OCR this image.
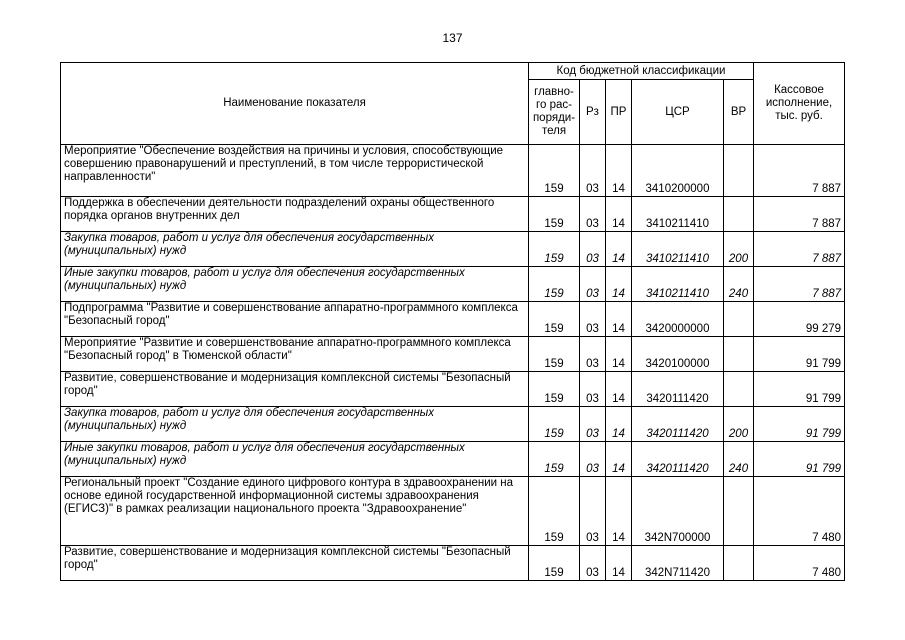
137
Наименование показателя	Код бюджетной классификации					Кассовое исполнение, тыс. руб.
	главно-го рас-поряди-теля	Рз	ПР	ЦСР	ВР	
Мероприятие "Обеспечение воздействия на причины и условия, способствующие совершению правонарушений и преступлений, в том числе террористической направленности"	159	03	14	3410200000		7 887
Поддержка в обеспечении деятельности подразделений охраны общественного порядка органов внутренних дел	159	03	14	3410211410		7 887
Закупка товаров, работ и услуг для обеспечения государственных (муниципальных) нужд	159	03	14	3410211410	200	7 887
Иные закупки товаров, работ и услуг для обеспечения государственных (муниципальных) нужд	159	03	14	3410211410	240	7 887
Подпрограмма "Развитие и совершенствование аппаратно-программного комплекса "Безопасный город"	159	03	14	3420000000		99 279
Мероприятие "Развитие и совершенствование аппаратно-программного комплекса "Безопасный город" в Тюменской области"	159	03	14	3420100000		91 799
Развитие, совершенствование и модернизация комплексной системы "Безопасный город"	159	03	14	3420111420		91 799
Закупка товаров, работ и услуг для обеспечения государственных (муниципальных) нужд	159	03	14	3420111420	200	91 799
Иные закупки товаров, работ и услуг для обеспечения государственных (муниципальных) нужд	159	03	14	3420111420	240	91 799
Региональный проект "Создание единого цифрового контура в здравоохранении на основе единой государственной информационной системы здравоохранения (ЕГИСЗ)" в рамках реализации национального проекта "Здравоохранение"	159	03	14	342N700000		7 480
Развитие, совершенствование и модернизация комплексной системы "Безопасный город"	159	03	14	342N711420		7 480
